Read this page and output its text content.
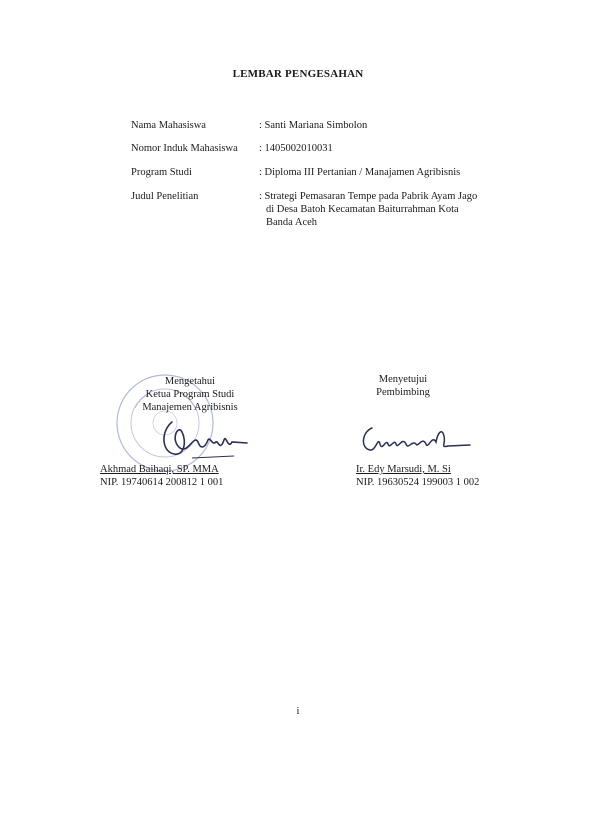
LEMBAR PENGESAHAN
Nama Mahasiswa	: Santi Mariana Simbolon
Nomor Induk Mahasiswa	: 1405002010031
Program Studi	: Diploma III Pertanian / Manajamen Agribisnis
Judul Penelitian	: Strategi Pemasaran Tempe pada Pabrik Ayam Jago
di Desa Batoh Kecamatan Baiturrahman Kota
Banda Aceh
Mengetahui
Ketua Program Studi
Manajemen Agribisnis
Akhmad Baihaqi, SP. MMA
NIP. 19740614 200812 1 001
Menyetujui
Pembimbing
Ir. Edy Marsudi, M. Si
NIP. 19630524 199003 1 002
i
